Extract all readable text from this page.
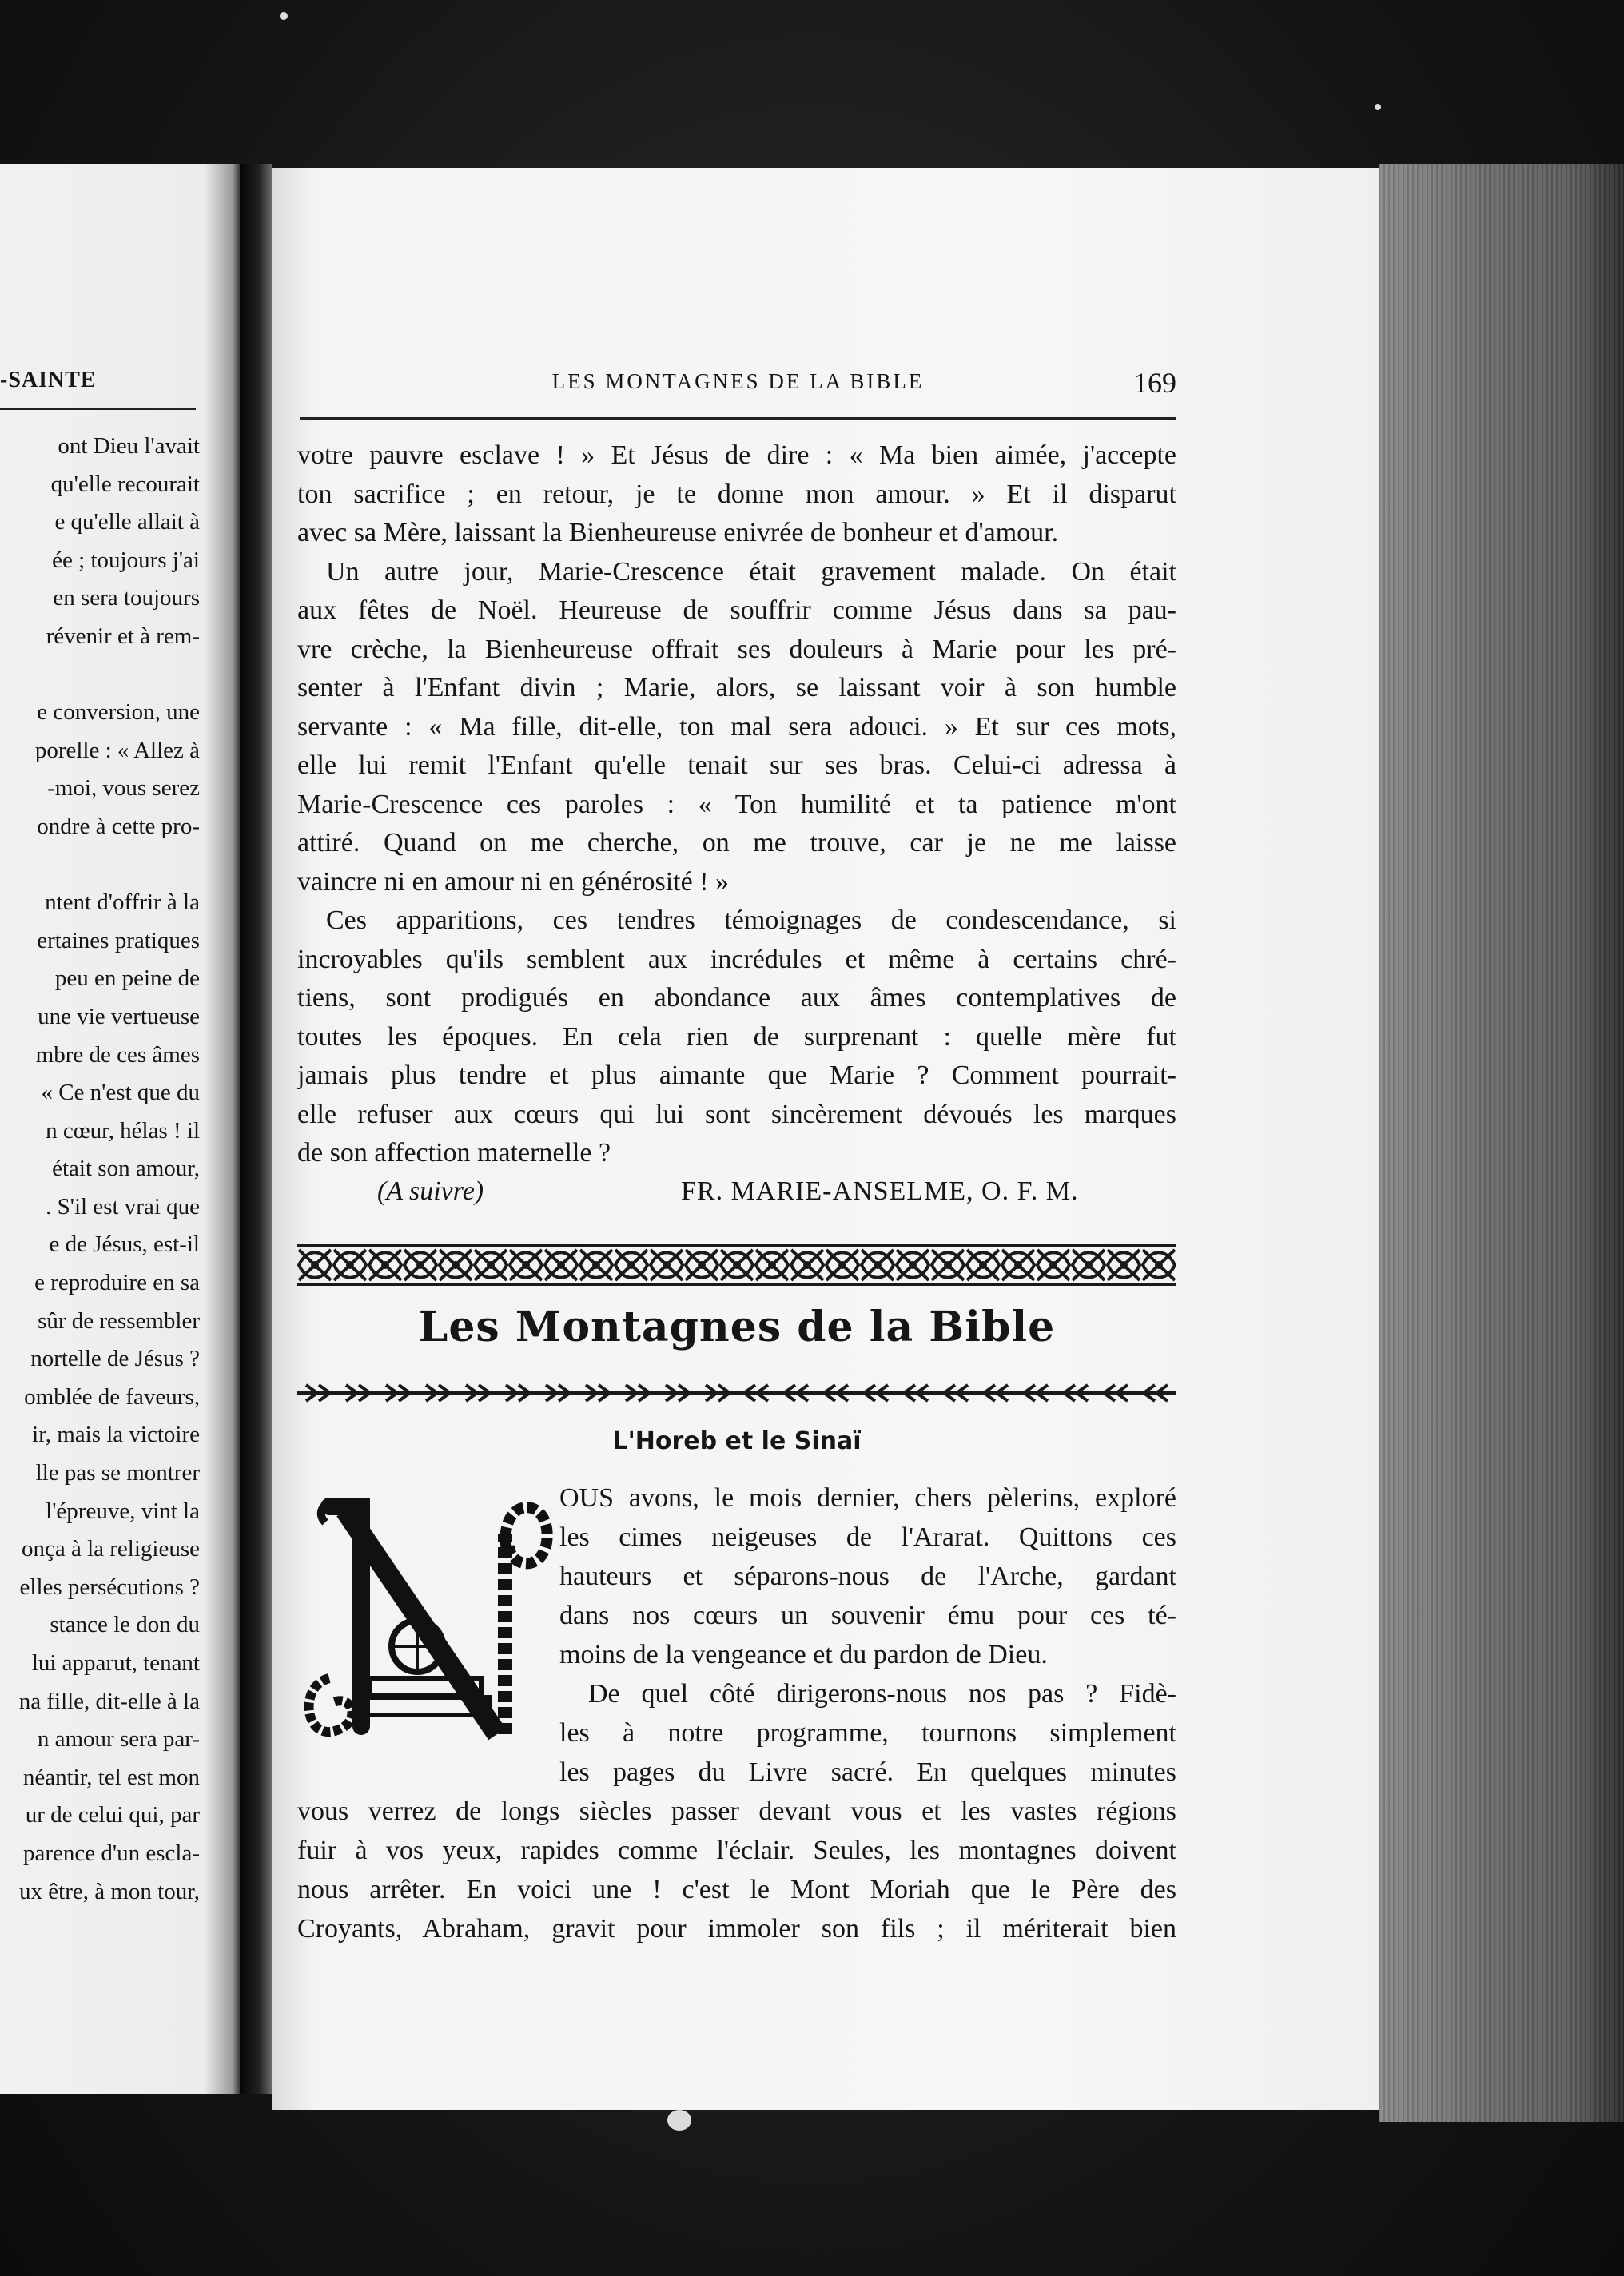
-SAINTE
ont Dieu l'avait
qu'elle recourait
e qu'elle allait à
ée ; toujours j'ai
en sera toujours
révenir et à rem-
e conversion, une
porelle : « Allez à
-moi, vous serez
ondre à cette pro-
ntent d'offrir à la
ertaines pratiques
peu en peine de
une vie vertueuse
mbre de ces âmes
« Ce n'est que du
n cœur, hélas ! il
était son amour,
. S'il est vrai que
e de Jésus, est-il
e reproduire en sa
sûr de ressembler
nortelle de Jésus ?
omblée de faveurs,
ir, mais la victoire
lle pas se montrer
l'épreuve, vint la
onça à la religieuse
elles persécutions ?
stance le don du
lui apparut, tenant
na fille, dit-elle à la
n amour sera par-
néantir, tel est mon
ur de celui qui, par
parence d'un escla-
ux être, à mon tour,
LES MONTAGNES DE LA BIBLE	169
votre pauvre esclave ! » Et Jésus de dire : « Ma bien aimée, j'accepte
ton sacrifice ; en retour, je te donne mon amour. » Et il disparut
avec sa Mère, laissant la Bienheureuse enivrée de bonheur et d'amour.
Un autre jour, Marie-Crescence était gravement malade. On était
aux fêtes de Noël. Heureuse de souffrir comme Jésus dans sa pau-
vre crèche, la Bienheureuse offrait ses douleurs à Marie pour les pré-
senter à l'Enfant divin ; Marie, alors, se laissant voir à son humble
servante : « Ma fille, dit-elle, ton mal sera adouci. » Et sur ces mots,
elle lui remit l'Enfant qu'elle tenait sur ses bras. Celui-ci adressa à
Marie-Crescence ces paroles : « Ton humilité et ta patience m'ont
attiré. Quand on me cherche, on me trouve, car je ne me laisse
vaincre ni en amour ni en générosité ! »
Ces apparitions, ces tendres témoignages de condescendance, si
incroyables qu'ils semblent aux incrédules et même à certains chré-
tiens, sont prodigués en abondance aux âmes contemplatives de
toutes les époques. En cela rien de surprenant : quelle mère fut
jamais plus tendre et plus aimante que Marie ? Comment pourrait-
elle refuser aux cœurs qui lui sont sincèrement dévoués les marques
de son affection maternelle ?
(A suivre)	FR. MARIE-ANSELME, O. F. M.
Les Montagnes de la Bible
L'Horeb et le Sinaï
OUS avons, le mois dernier, chers pèlerins, exploré
les cimes neigeuses de l'Ararat. Quittons ces
hauteurs et séparons-nous de l'Arche, gardant
dans nos cœurs un souvenir ému pour ces té-
moins de la vengeance et du pardon de Dieu.
De quel côté dirigerons-nous nos pas ? Fidè-
les à notre programme, tournons simplement
les pages du Livre sacré. En quelques minutes
vous verrez de longs siècles passer devant vous et les vastes régions
fuir à vos yeux, rapides comme l'éclair. Seules, les montagnes doivent
nous arrêter. En voici une ! c'est le Mont Moriah que le Père des
Croyants, Abraham, gravit pour immoler son fils ; il mériterait bien
